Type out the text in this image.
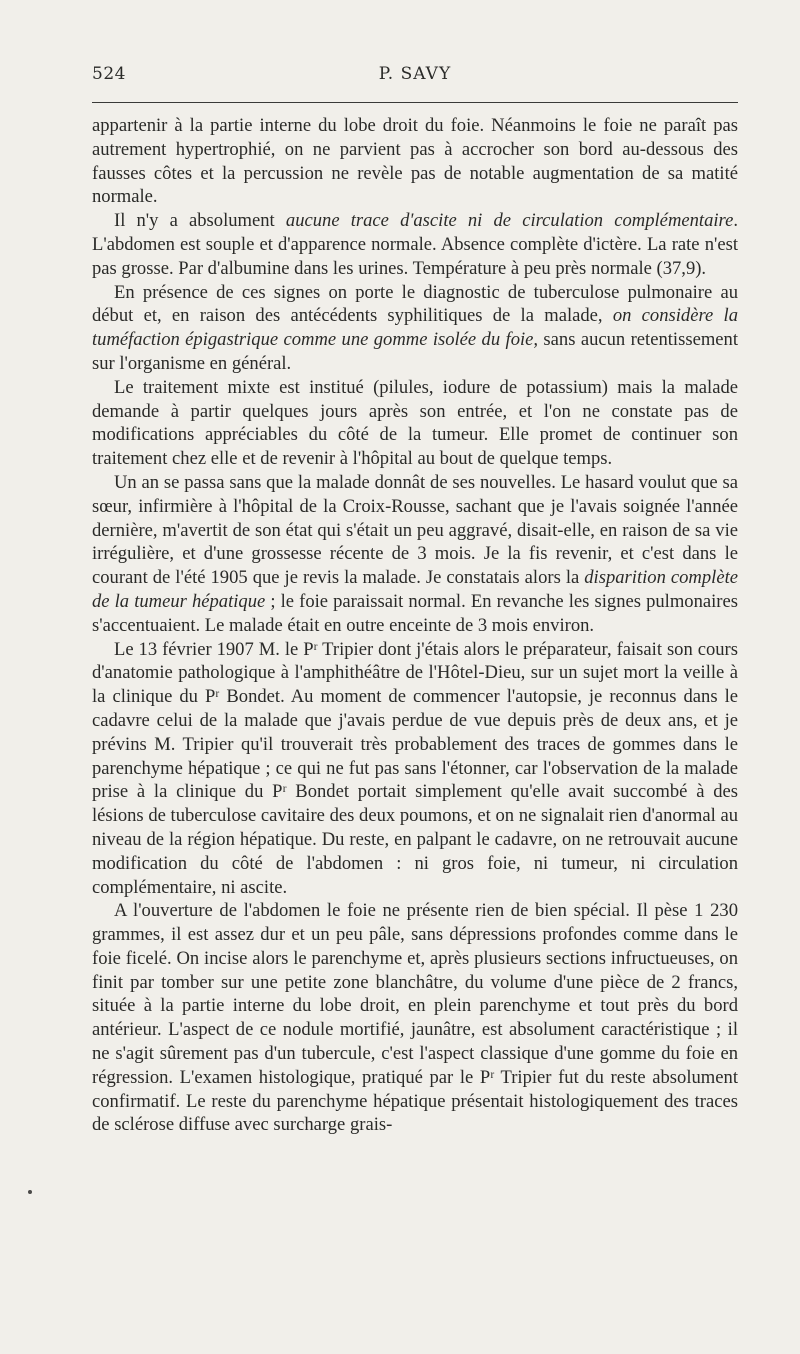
524	P. SAVY

appartenir à la partie interne du lobe droit du foie. Néanmoins le foie ne paraît pas autrement hypertrophié, on ne parvient pas à accrocher son bord au-dessous des fausses côtes et la percussion ne revèle pas de notable augmentation de sa matité normale.

Il n'y a absolument aucune trace d'ascite ni de circulation complémentaire. L'abdomen est souple et d'apparence normale. Absence complète d'ictère. La rate n'est pas grosse. Par d'albumine dans les urines. Température à peu près normale (37,9).

En présence de ces signes on porte le diagnostic de tuberculose pulmonaire au début et, en raison des antécédents syphilitiques de la malade, on considère la tuméfaction épigastrique comme une gomme isolée du foie, sans aucun retentissement sur l'organisme en général.

Le traitement mixte est institué (pilules, iodure de potassium) mais la malade demande à partir quelques jours après son entrée, et l'on ne constate pas de modifications appréciables du côté de la tumeur. Elle promet de continuer son traitement chez elle et de revenir à l'hôpital au bout de quelque temps.

Un an se passa sans que la malade donnât de ses nouvelles. Le hasard voulut que sa sœur, infirmière à l'hôpital de la Croix-Rousse, sachant que je l'avais soignée l'année dernière, m'avertit de son état qui s'était un peu aggravé, disait-elle, en raison de sa vie irrégulière, et d'une grossesse récente de 3 mois. Je la fis revenir, et c'est dans le courant de l'été 1905 que je revis la malade. Je constatais alors la disparition complète de la tumeur hépatique ; le foie paraissait normal. En revanche les signes pulmonaires s'accentuaient. Le malade était en outre enceinte de 3 mois environ.

Le 13 février 1907 M. le Pʳ Tripier dont j'étais alors le préparateur, faisait son cours d'anatomie pathologique à l'amphithéâtre de l'Hôtel-Dieu, sur un sujet mort la veille à la clinique du Pʳ Bondet. Au moment de commencer l'autopsie, je reconnus dans le cadavre celui de la malade que j'avais perdue de vue depuis près de deux ans, et je prévins M. Tripier qu'il trouverait très probablement des traces de gommes dans le parenchyme hépatique ; ce qui ne fut pas sans l'étonner, car l'observation de la malade prise à la clinique du Pʳ Bondet portait simplement qu'elle avait succombé à des lésions de tuberculose cavitaire des deux poumons, et on ne signalait rien d'anormal au niveau de la région hépatique. Du reste, en palpant le cadavre, on ne retrouvait aucune modification du côté de l'abdomen : ni gros foie, ni tumeur, ni circulation complémentaire, ni ascite.

A l'ouverture de l'abdomen le foie ne présente rien de bien spécial. Il pèse 1 230 grammes, il est assez dur et un peu pâle, sans dépressions profondes comme dans le foie ficelé. On incise alors le parenchyme et, après plusieurs sections infructueuses, on finit par tomber sur une petite zone blanchâtre, du volume d'une pièce de 2 francs, située à la partie interne du lobe droit, en plein parenchyme et tout près du bord antérieur. L'aspect de ce nodule mortifié, jaunâtre, est absolument caractéristique ; il ne s'agit sûrement pas d'un tubercule, c'est l'aspect classique d'une gomme du foie en régression. L'examen histologique, pratiqué par le Pʳ Tripier fut du reste absolument confirmatif. Le reste du parenchyme hépatique présentait histologiquement des traces de sclérose diffuse avec surcharge grais-
